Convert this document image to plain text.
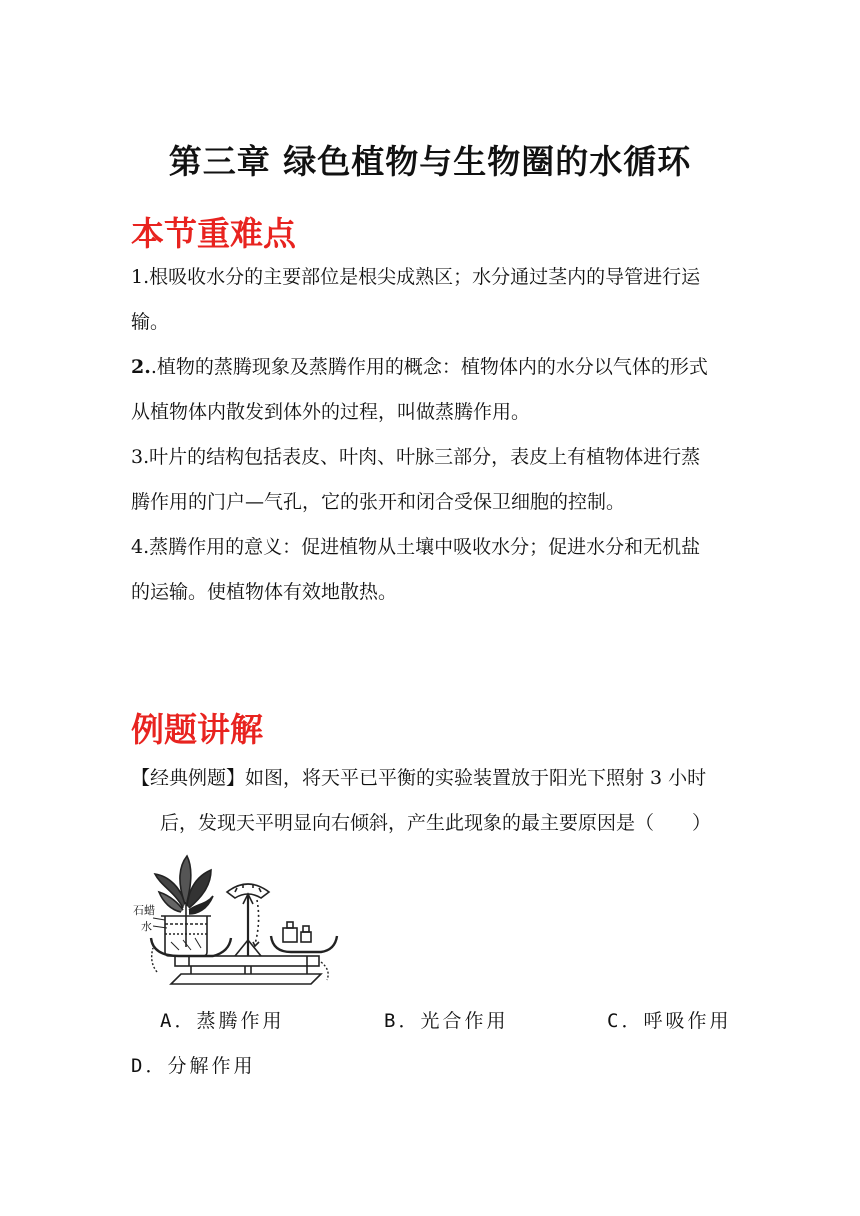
第三章 绿色植物与生物圈的水循环
本节重难点
1.根吸收水分的主要部位是根尖成熟区；水分通过茎内的导管进行运
输。
2..植物的蒸腾现象及蒸腾作用的概念：植物体内的水分以气体的形式
从植物体内散发到体外的过程，叫做蒸腾作用。
3.叶片的结构包括表皮、叶肉、叶脉三部分，表皮上有植物体进行蒸
腾作用的门户—气孔，它的张开和闭合受保卫细胞的控制。
4.蒸腾作用的意义：促进植物从土壤中吸收水分；促进水分和无机盐
的运输。使植物体有效地散热。
例题讲解
【经典例题】如图，将天平已平衡的实验装置放于阳光下照射 3 小时
后，发现天平明显向右倾斜，产生此现象的最主要原因是（　　）
石蜡
水
A．蒸腾作用	B．光合作用	C．呼吸作用
D．分解作用
